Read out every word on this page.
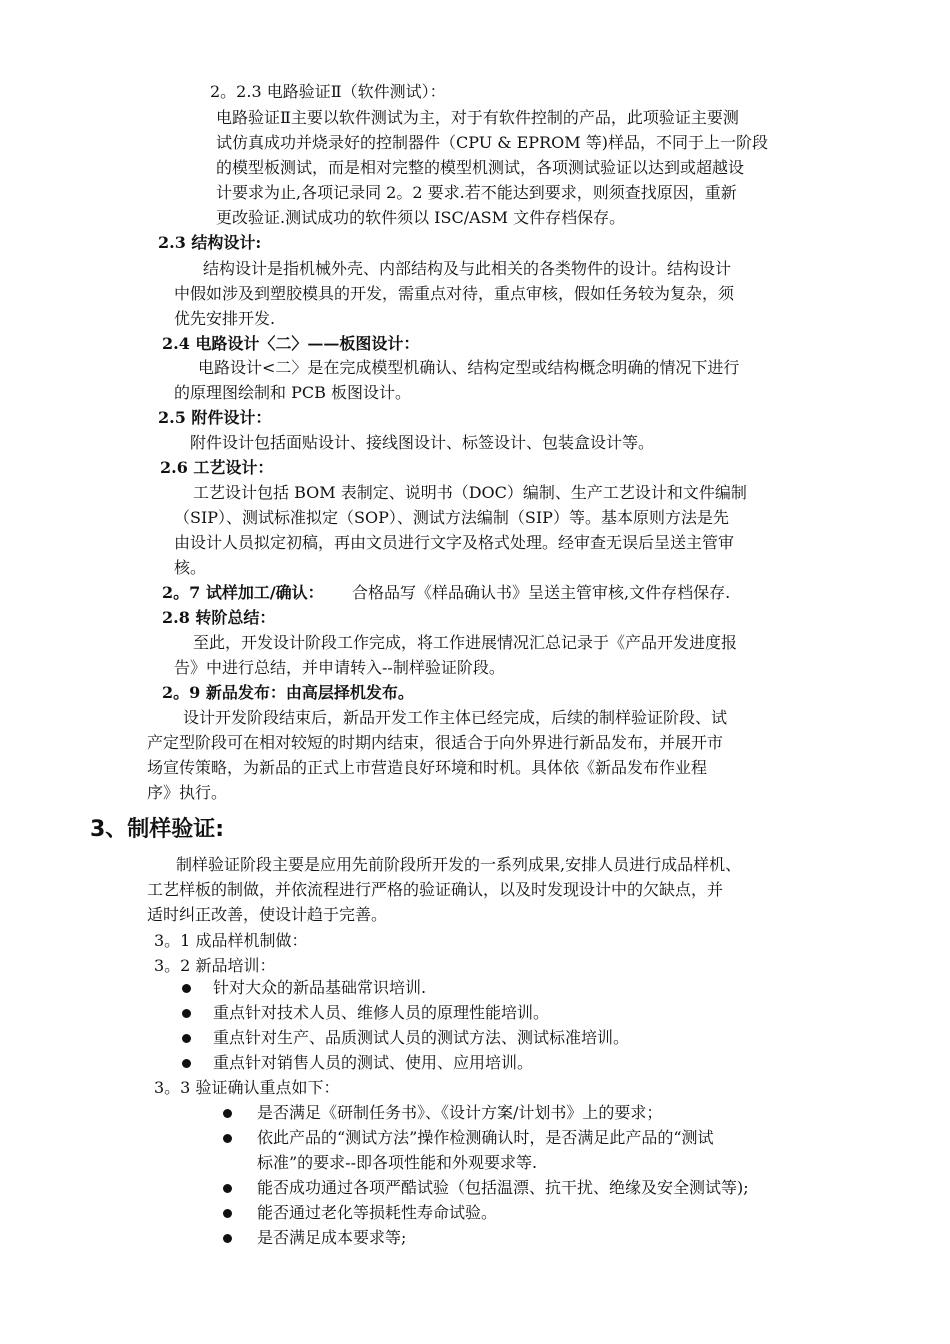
2。2.3 电路验证Ⅱ（软件测试）：
电路验证Ⅱ主要以软件测试为主，对于有软件控制的产品，此项验证主要测
试仿真成功并烧录好的控制器件（CPU & EPROM 等)样品，不同于上一阶段
的模型板测试，而是相对完整的模型机测试，各项测试验证以达到或超越设
计要求为止,各项记录同 2。2 要求.若不能达到要求，则须查找原因，重新
更改验证.测试成功的软件须以 ISC/ASM 文件存档保存。
2.3 结构设计:
结构设计是指机械外壳、内部结构及与此相关的各类物件的设计。结构设计
中假如涉及到塑胶模具的开发，需重点对待，重点审核，假如任务较为复杂，须
优先安排开发.
2.4 电路设计〈二〉——板图设计：
电路设计<二〉是在完成模型机确认、结构定型或结构概念明确的情况下进行
的原理图绘制和 PCB 板图设计。
2.5 附件设计：
附件设计包括面贴设计、接线图设计、标签设计、包装盒设计等。
2.6 工艺设计：
工艺设计包括 BOM 表制定、说明书（DOC）编制、生产工艺设计和文件编制
（SIP）、测试标准拟定（SOP）、测试方法编制（SIP）等。基本原则方法是先
由设计人员拟定初稿，再由文员进行文字及格式处理。经审查无误后呈送主管审
核。
2。7 试样加工/确认： 合格品写《样品确认书》呈送主管审核,文件存档保存.
2.8 转阶总结：
至此，开发设计阶段工作完成，将工作进展情况汇总记录于《产品开发进度报
告》中进行总结，并申请转入--制样验证阶段。
2。9 新品发布：由高层择机发布。
设计开发阶段结束后，新品开发工作主体已经完成，后续的制样验证阶段、试
产定型阶段可在相对较短的时期内结束，很适合于向外界进行新品发布，并展开市
场宣传策略，为新品的正式上市营造良好环境和时机。具体依《新品发布作业程
序》执行。
3、制样验证:
制样验证阶段主要是应用先前阶段所开发的一系列成果,安排人员进行成品样机、
工艺样板的制做，并依流程进行严格的验证确认，以及时发现设计中的欠缺点，并
适时纠正改善，使设计趋于完善。
3。1 成品样机制做：
3。2 新品培训：
针对大众的新品基础常识培训.
重点针对技术人员、维修人员的原理性能培训。
重点针对生产、品质测试人员的测试方法、测试标准培训。
重点针对销售人员的测试、使用、应用培训。
3。3 验证确认重点如下：
是否满足《研制任务书》、《设计方案/计划书》上的要求；
依此产品的“测试方法”操作检测确认时，是否满足此产品的“测试
标准”的要求--即各项性能和外观要求等.
能否成功通过各项严酷试验（包括温漂、抗干扰、绝缘及安全测试等);
能否通过老化等损耗性寿命试验。
是否满足成本要求等;
